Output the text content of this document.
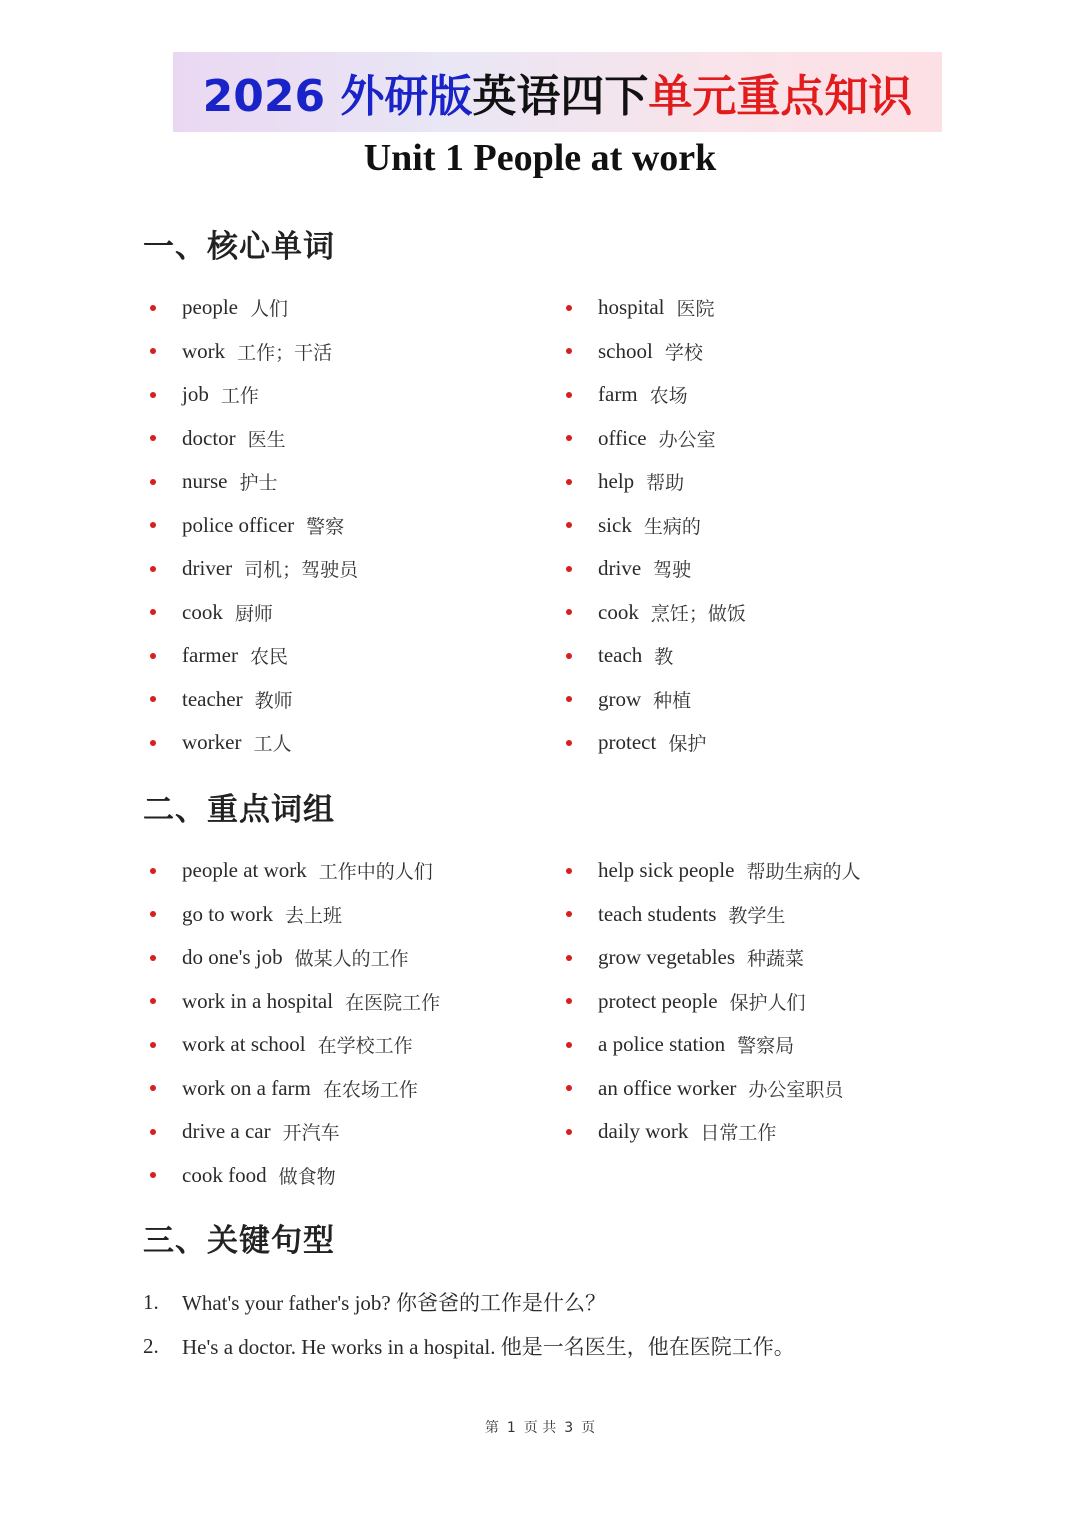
2026 外研版 英语四下 单元重点知识
Unit 1 People at work
一、核心单词
people 人们
work 工作；干活
job 工作
doctor 医生
nurse 护士
police officer 警察
driver 司机；驾驶员
cook 厨师
farmer 农民
teacher 教师
worker 工人
hospital 医院
school 学校
farm 农场
office 办公室
help 帮助
sick 生病的
drive 驾驶
cook 烹饪；做饭
teach 教
grow 种植
protect 保护
二、重点词组
people at work 工作中的人们
go to work 去上班
do one's job 做某人的工作
work in a hospital 在医院工作
work at school 在学校工作
work on a farm 在农场工作
drive a car 开汽车
cook food 做食物
help sick people 帮助生病的人
teach students 教学生
grow vegetables 种蔬菜
protect people 保护人们
a police station 警察局
an office worker 办公室职员
daily work 日常工作
三、关键句型
1.	What's your father's job? 你爸爸的工作是什么？
2.	He's a doctor. He works in a hospital. 他是一名医生，他在医院工作。
第 1 页 共 3 页
